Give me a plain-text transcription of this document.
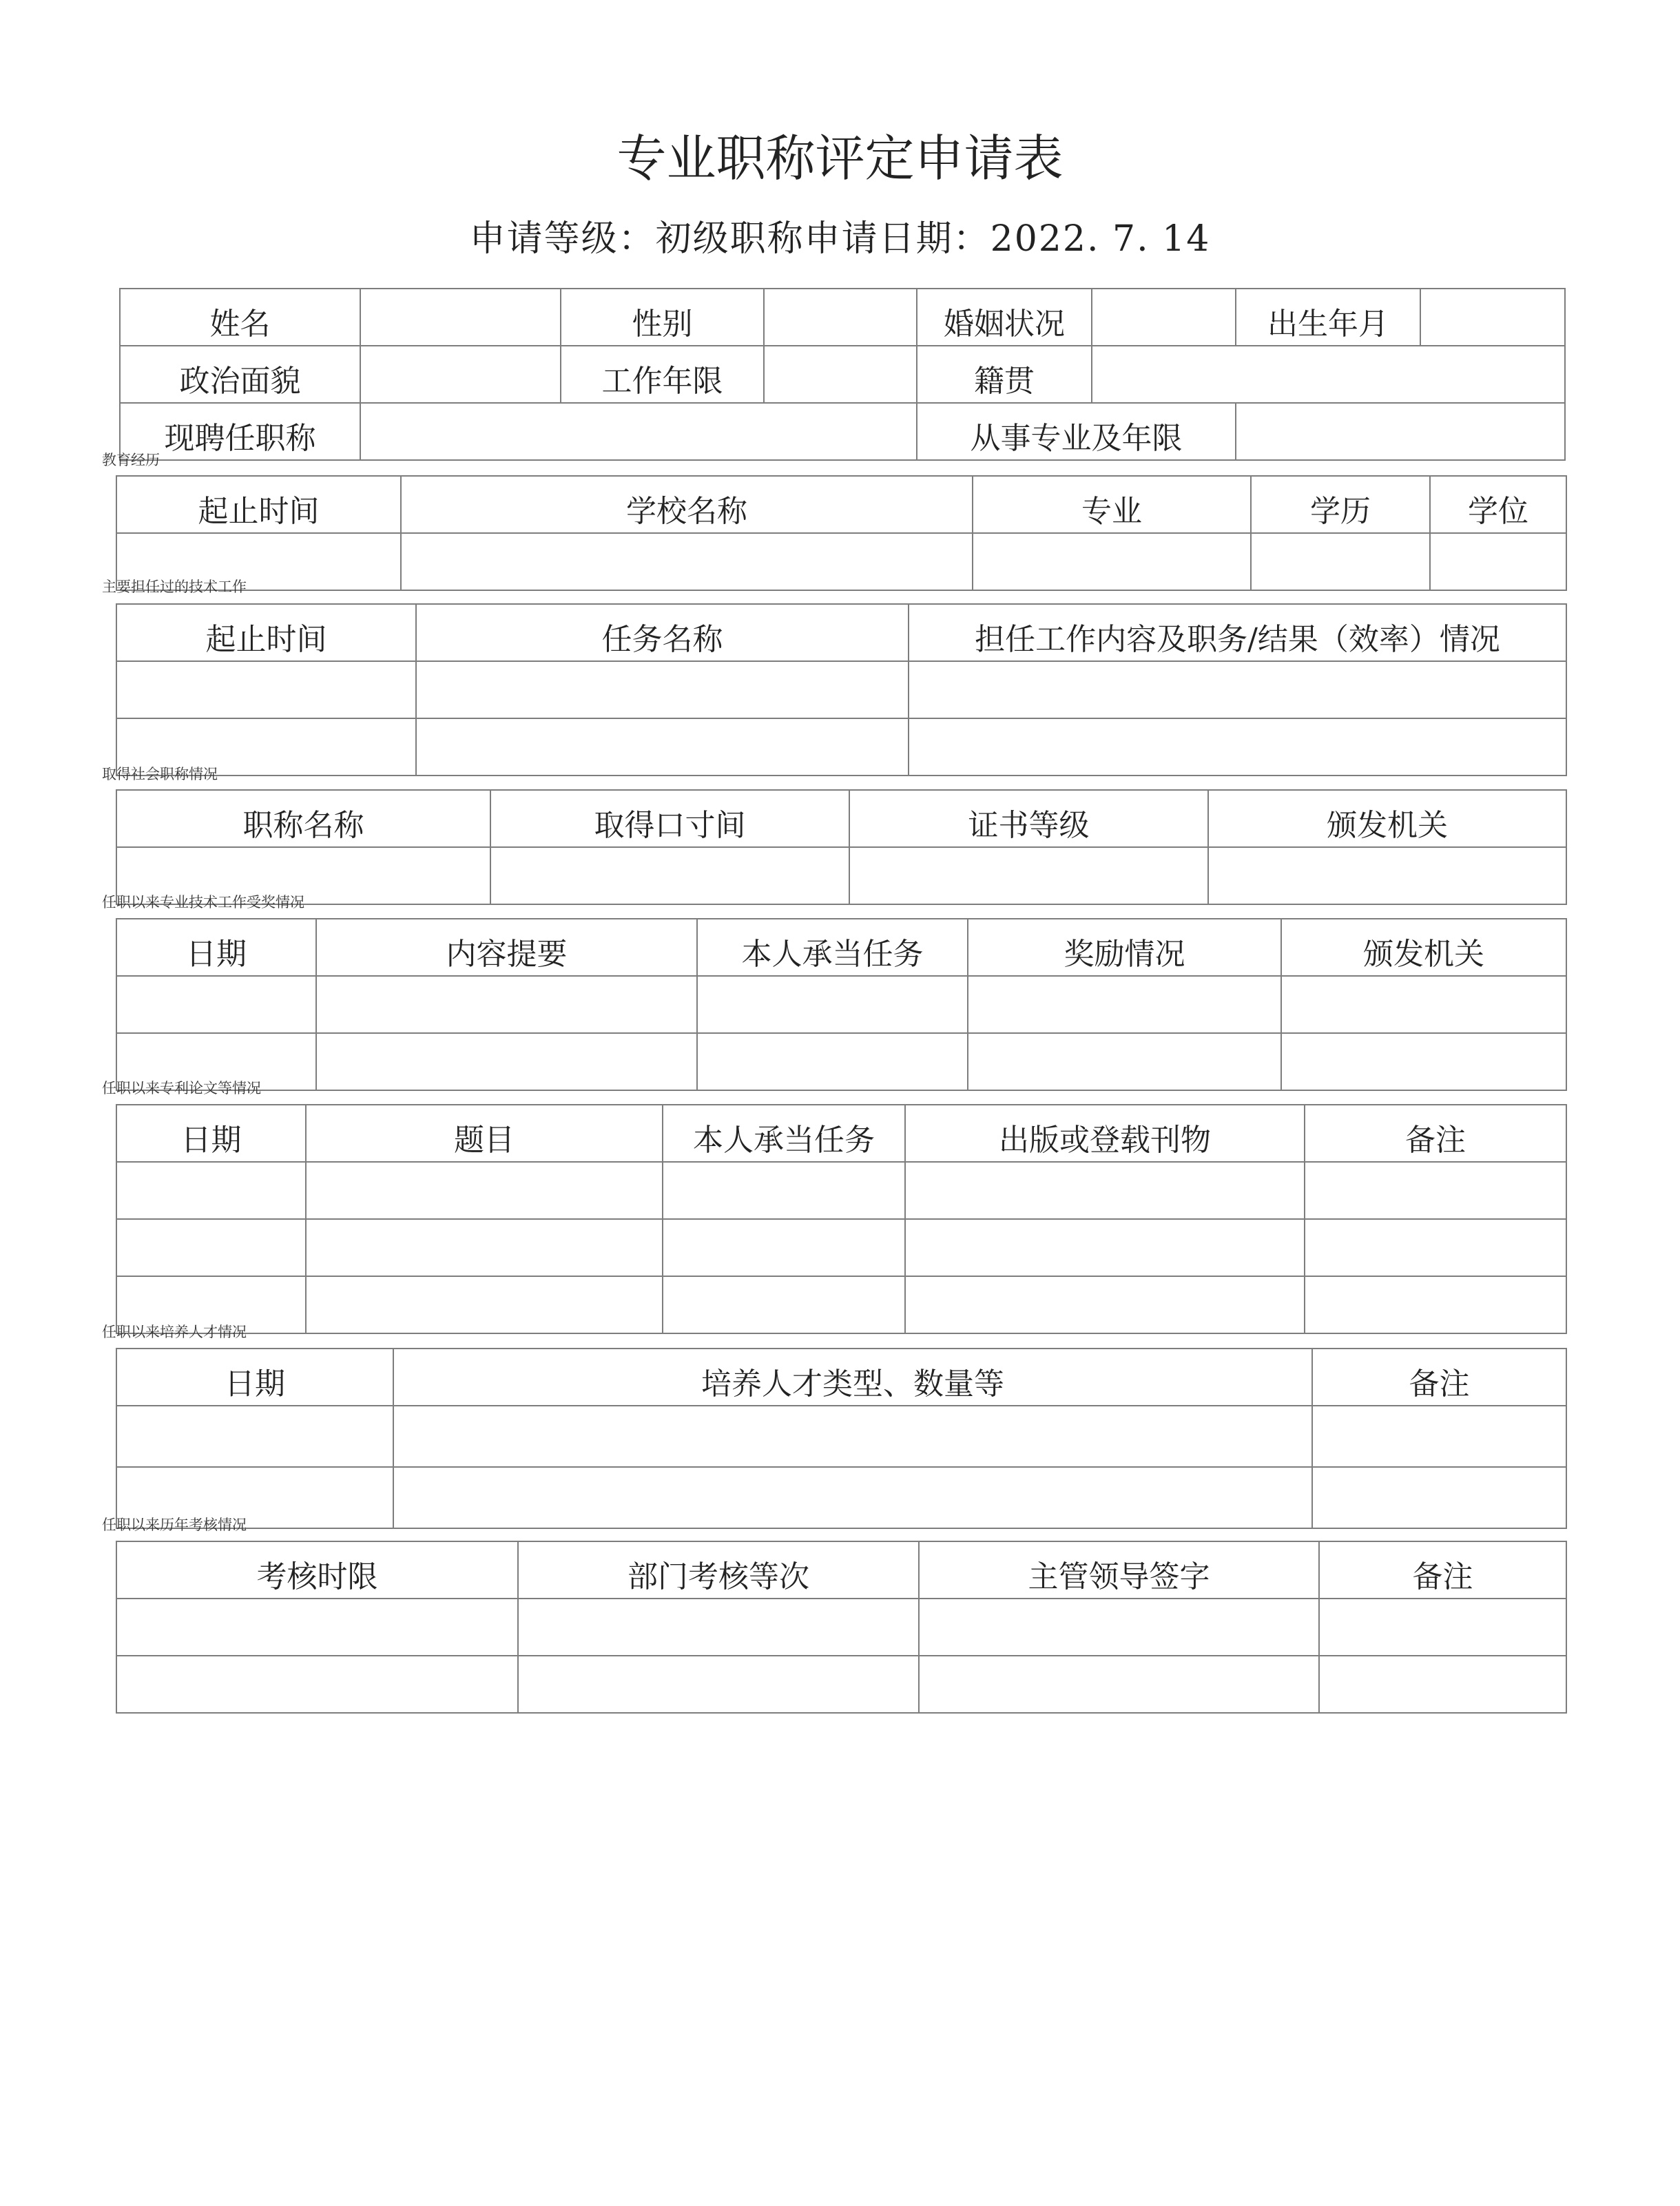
专业职称评定申请表
申请等级：初级职称申请日期：2022. 7. 14
姓名		性别		婚姻状况		出生年月	
政治面貌		工作年限		籍贯			
现聘任职称				从事专业及年限			
教育经历
起止时间	学校名称	专业	学历	学位

主要担任过的技术工作
起止时间	任务名称	担任工作内容及职务/结果（效率）情况

取得社会职称情况
职称名称	取得口寸间	证书等级	颁发机关

任职以来专业技术工作受奖情况
日期	内容提要	本人承当任务	奖励情况	颁发机关

任职以来专利论文等情况
日期	题目	本人承当任务	出版或登载刊物	备注

任职以来培养人才情况
日期	培养人才类型、数量等	备注

任职以来历年考核情况
考核时限	部门考核等次	主管领导签字	备注
